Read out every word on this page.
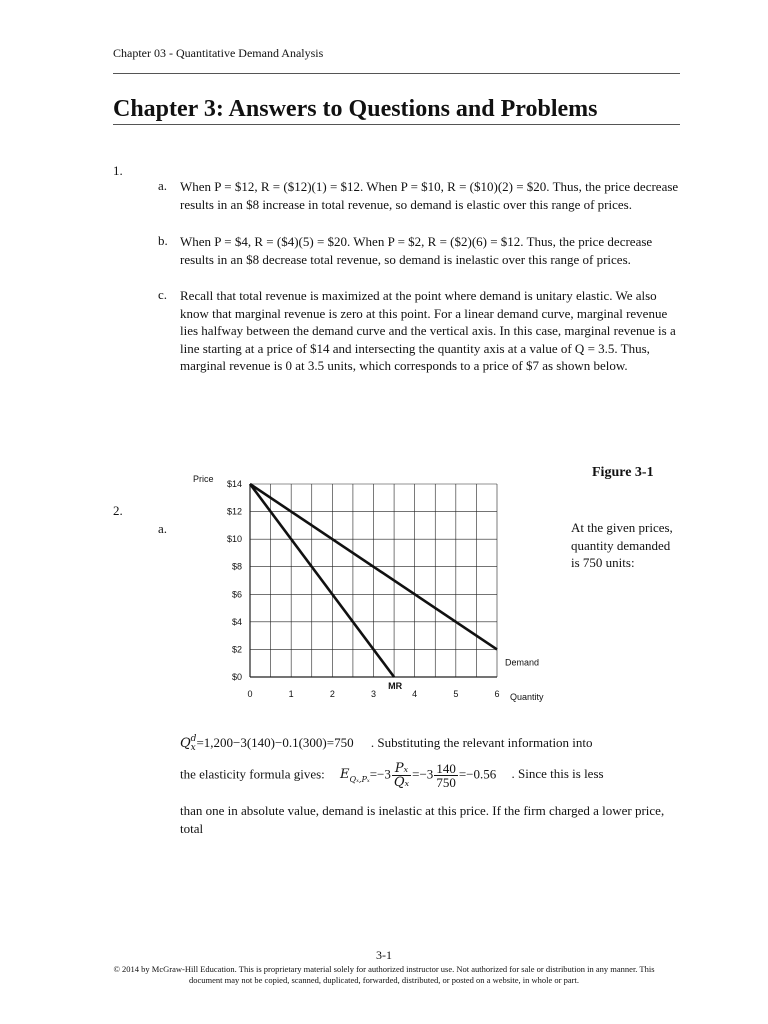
Chapter 03 - Quantitative Demand Analysis
Chapter 3: Answers to Questions and Problems
1.
a. When P = $12, R = ($12)(1) = $12. When P = $10, R = ($10)(2) = $20. Thus, the price decrease results in an $8 increase in total revenue, so demand is elastic over this range of prices.
b. When P = $4, R = ($4)(5) = $20. When P = $2, R = ($2)(6) = $12. Thus, the price decrease results in an $8 decrease total revenue, so demand is inelastic over this range of prices.
c. Recall that total revenue is maximized at the point where demand is unitary elastic. We also know that marginal revenue is zero at this point. For a linear demand curve, marginal revenue lies halfway between the demand curve and the vertical axis. In this case, marginal revenue is a line starting at a price of $14 and intersecting the quantity axis at a value of Q = 3.5. Thus, marginal revenue is 0 at 3.5 units, which corresponds to a price of $7 as shown below.
Figure 3-1
$0
$2
$4
$6
$8
$10
$12
$14
0	1	2	3	4	5	6
Demand
MR
Price
Quantity
2.
a.	At the given prices, quantity demanded is 750 units:
Q d
x =1,200−3(140)−0.1(300)=750 . Substituting the relevant information into
the elasticity formula gives: $E_{Q_x,P_x}=-3 \frac{\text{Pₓ}}{\text{Qₓ}} =-3 \frac{140}{750} =-0.56$ . Since this is less
than one in absolute value, demand is inelastic at this price. If the firm charged a lower price, total
3-1
© 2014 by McGraw-Hill Education. This is proprietary material solely for authorized instructor use. Not authorized for sale or distribution in any manner. This document may not be copied, scanned, duplicated, forwarded, distributed, or posted on a website, in whole or part.
